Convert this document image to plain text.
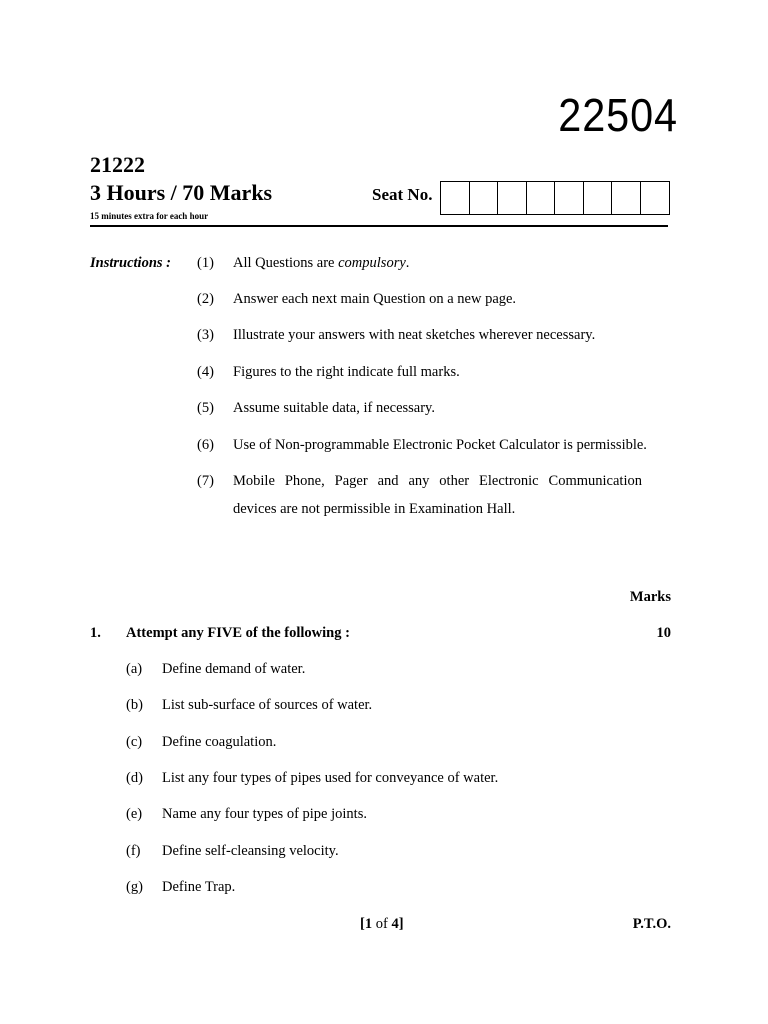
22504
21222
3 Hours / 70 Marks
15 minutes extra for each hour
Seat No.
Instructions : (1) All Questions are compulsory.
(2) Answer each next main Question on a new page.
(3) Illustrate your answers with neat sketches wherever necessary.
(4) Figures to the right indicate full marks.
(5) Assume suitable data, if necessary.
(6) Use of Non-programmable Electronic Pocket Calculator is permissible.
(7) Mobile Phone, Pager and any other Electronic Communication
devices are not permissible in Examination Hall.
Marks
1. Attempt any FIVE of the following :	10
(a) Define demand of water.
(b) List sub-surface of sources of water.
(c) Define coagulation.
(d) List any four types of pipes used for conveyance of water.
(e) Name any four types of pipe joints.
(f) Define self-cleansing velocity.
(g) Define Trap.
[1 of 4]	P.T.O.
